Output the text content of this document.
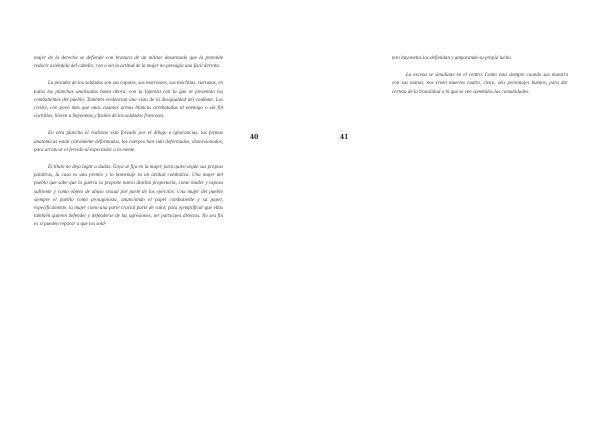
mujer de la derecha se defiende con bravura de un militar desarmado que la pretende reducir asiéndola del cabello, con o sin la actitud de la mujer no presagia una fácil derrota.

La pesadez de los soldados son sus capotes, sus morriones, sus mochilas, cuerazas, en todas los planchas analizadas hasta ahora, con la ligereza con la que se presentan los combatientes del pueblo. También evidencian una vista de la desigualdad del combate. Los civiles, con poco más que unas cuantas armas blancas arrebatadas al enemigo o sin fin cuchillos, hieren a bayonetas y fusiles de los soldados franceses.

En otra plancha el realismo está forzado por el dibujo e ignorancias, las formas anatómicas están claramente deformadas, los cuerpos han sido deformados, distorsionados, para arrancar el fervido al espectador a la mente.

El título no deja lugar a dudas. Goya se fija en la mujer, para quien según sus propias palabras, la casa es una premio y la homenaje es un actitud combativa. Una mujer del pueblo que sabe que la guerra la propone nuevo destino propietaria, como madre y esposa sufriente y como objeto de abuso sexual por parte de los ejércitos. Una mujer del pueblo siempre el pueblo como protagonista, anunciando el papel combatiente y su papel, específicamente, la mujer como una parte crucial parte de valor, para ejemplificar que ellas también quieren defender y defenderse de las agresiones, ser partícipes directas. No sea fin es si pueden reparar a que los sold-

40	41

tero bayonetas las defiendan y amparando su propia lucha.

La escena se simulante en el centro. Como está siempre cuando sus muestra con sus manos, nos creen muertes cuatro, cinco, seis personajes buenos, para dar certeza de la brutalidad a la que se ven sometidos las comunidades.
